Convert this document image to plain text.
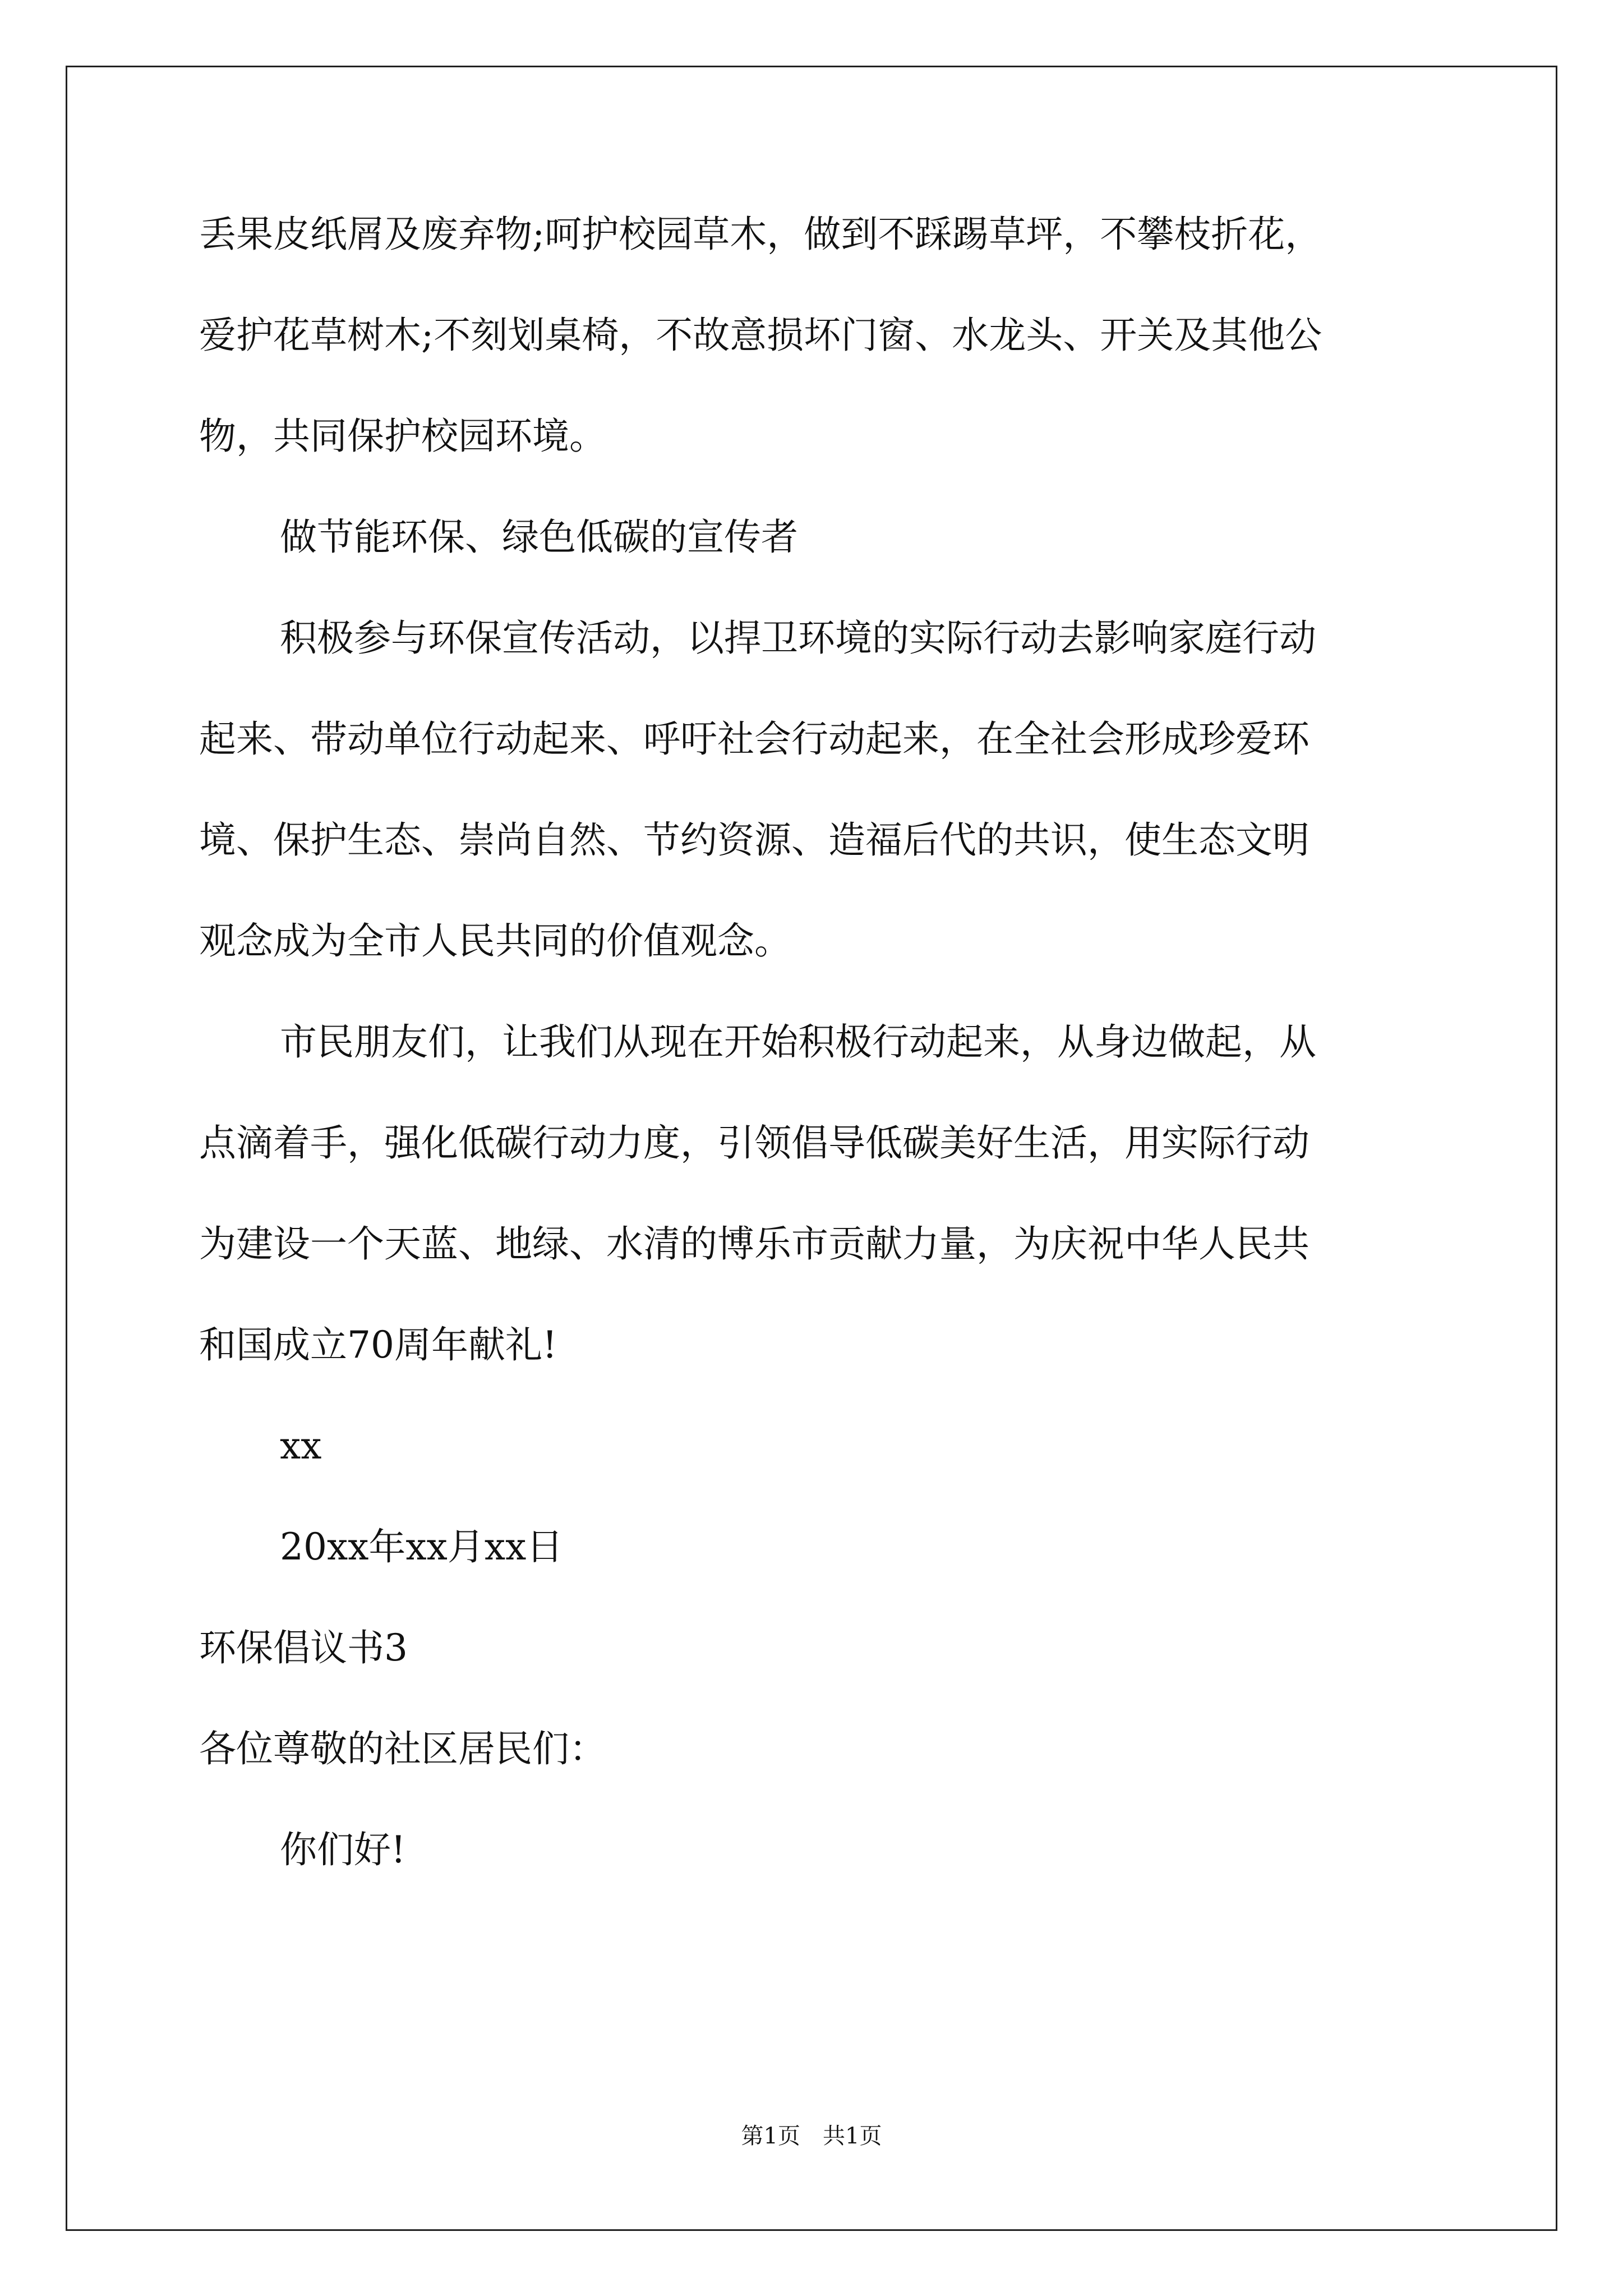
丢果皮纸屑及废弃物;呵护校园草木，做到不踩踢草坪，不攀枝折花，
爱护花草树木;不刻划桌椅，不故意损坏门窗、水龙头、开关及其他公
物，共同保护校园环境。
做节能环保、绿色低碳的宣传者
积极参与环保宣传活动，以捍卫环境的实际行动去影响家庭行动
起来、带动单位行动起来、呼吁社会行动起来，在全社会形成珍爱环
境、保护生态、崇尚自然、节约资源、造福后代的共识，使生态文明
观念成为全市人民共同的价值观念。
市民朋友们，让我们从现在开始积极行动起来，从身边做起，从
点滴着手，强化低碳行动力度，引领倡导低碳美好生活，用实际行动
为建设一个天蓝、地绿、水清的博乐市贡献力量，为庆祝中华人民共
和国成立70周年献礼!
xx
20xx年xx月xx日
环保倡议书3
各位尊敬的社区居民们：
你们好!
第1页　共1页
